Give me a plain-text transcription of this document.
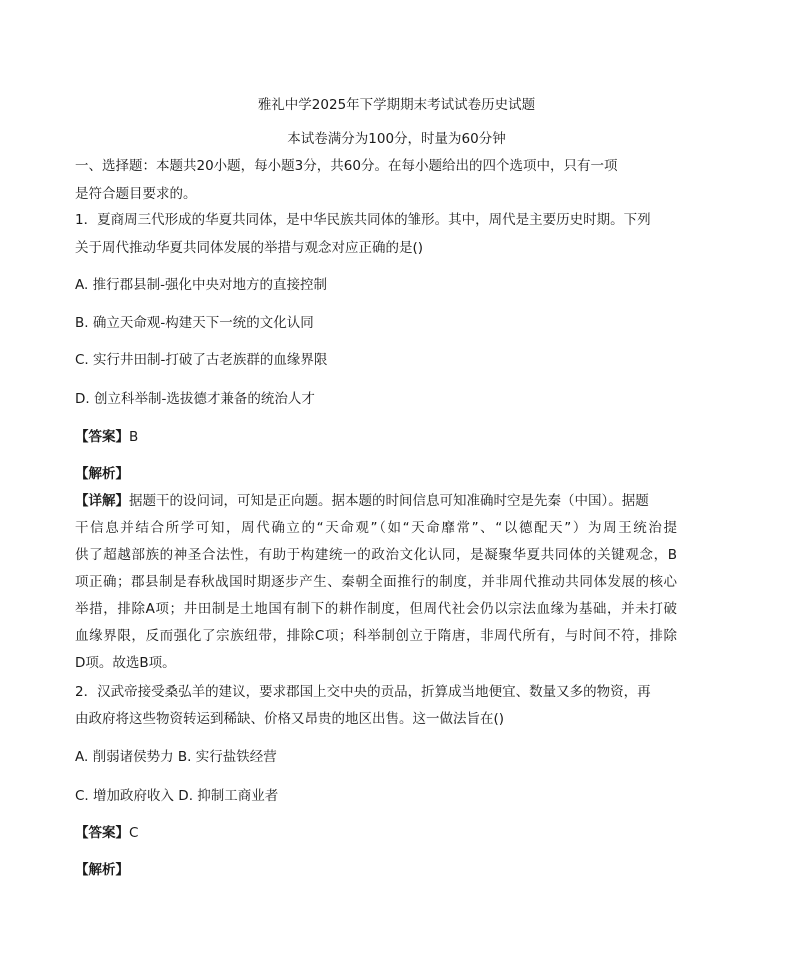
雅礼中学2025年下学期期末考试试卷历史试题
本试卷满分为100分，时量为60分钟
一、选择题：本题共20小题，每小题3分，共60分。在每小题给出的四个选项中，只有一项
是符合题目要求的。
1．夏商周三代形成的华夏共同体，是中华民族共同体的雏形。其中，周代是主要历史时期。下列
关于周代推动华夏共同体发展的举措与观念对应正确的是()
A. 推行郡县制-强化中央对地方的直接控制
B. 确立天命观-构建天下一统的文化认同
C. 实行井田制-打破了古老族群的血缘界限
D. 创立科举制-选拔德才兼备的统治人才
【答案】B
【解析】
【详解】据题干的设问词，可知是正向题。据本题的时间信息可知准确时空是先秦（中国）。据题
干信息并结合所学可知，周代确立的“天命观”（如“天命靡常”、“以德配天”）为周王统治提
供了超越部族的神圣合法性，有助于构建统一的政治文化认同，是凝聚华夏共同体的关键观念，B
项正确；郡县制是春秋战国时期逐步产生、秦朝全面推行的制度，并非周代推动共同体发展的核心
举措，排除A项；井田制是土地国有制下的耕作制度，但周代社会仍以宗法血缘为基础，并未打破
血缘界限，反而强化了宗族纽带，排除C项；科举制创立于隋唐，非周代所有，与时间不符，排除
D项。故选B项。
2．汉武帝接受桑弘羊的建议，要求郡国上交中央的贡品，折算成当地便宜、数量又多的物资，再
由政府将这些物资转运到稀缺、价格又昂贵的地区出售。这一做法旨在()
A. 削弱诸侯势力 B. 实行盐铁经营
C. 增加政府收入 D. 抑制工商业者
【答案】C
【解析】
